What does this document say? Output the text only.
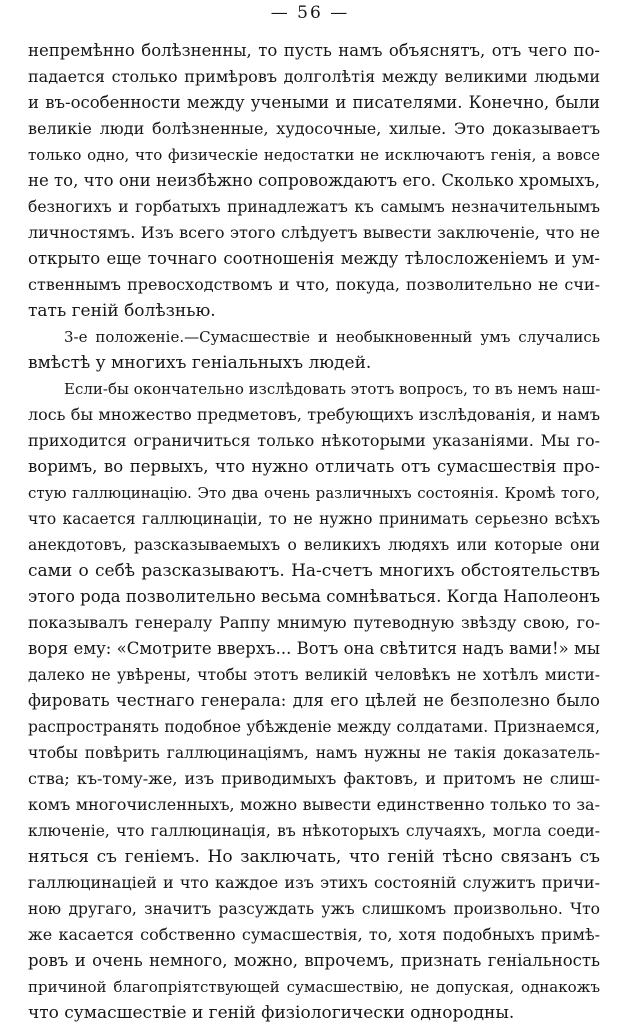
— 56 —
непремѣнно болѣзненны, то пусть намъ объяснятъ, отъ чего по-
падается столько примѣровъ долголѣтія между великими людьми
и въ-особенности между учеными и писателями. Конечно, были
великіе люди болѣзненные, худосочные, хилые. Это доказываетъ
только одно, что физическіе недостатки не исключаютъ генія, а вовсе
не то, что они неизбѣжно сопровождаютъ его. Сколько хромыхъ,
безногихъ и горбатыхъ принадлежатъ къ самымъ незначительнымъ
личностямъ. Изъ всего этого слѣдуетъ вывести заключеніе, что не
открыто еще точнаго соотношенія между тѣлосложеніемъ и ум-
ственнымъ превосходствомъ и что, покуда, позволительно не счи-
тать геній болѣзнью.
3-е положеніе.—Сумасшествіе и необыкновенный умъ случались
вмѣстѣ у многихъ геніальныхъ людей.
Если-бы окончательно изслѣдовать этотъ вопросъ, то въ немъ наш-
лось бы множество предметовъ, требующихъ изслѣдованія, и намъ
приходится ограничиться только нѣкоторыми указаніями. Мы го-
воримъ, во первыхъ, что нужно отличать отъ сумасшествія про-
стую галлюцинацію. Это два очень различныхъ состоянія. Кромѣ того,
что касается галлюцинаціи, то не нужно принимать серьезно всѣхъ
анекдотовъ, разсказываемыхъ о великихъ людяхъ или которые они
сами о себѣ разсказываютъ. На-счетъ многихъ обстоятельствъ
этого рода позволительно весьма сомнѣваться. Когда Наполеонъ
показывалъ генералу Раппу мнимую путеводную звѣзду свою, го-
воря ему: «Смотрите вверхъ... Вотъ она свѣтится надъ вами!» мы
далеко не увѣрены, чтобы этотъ великій человѣкъ не хотѣлъ мисти-
фировать честнаго генерала: для его цѣлей не безполезно было
распространять подобное убѣжденіе между солдатами. Признаемся,
чтобы повѣрить галлюцинаціямъ, намъ нужны не такія доказатель-
ства; къ-тому-же, изъ приводимыхъ фактовъ, и притомъ не слиш-
комъ многочисленныхъ, можно вывести единственно только то за-
ключеніе, что галлюцинація, въ нѣкоторыхъ случаяхъ, могла соеди-
няться съ геніемъ. Но заключать, что геній тѣсно связанъ съ
галлюцинаціей и что каждое изъ этихъ состояній служитъ причи-
ною другаго, значитъ разсуждать ужъ слишкомъ произвольно. Что
же касается собственно сумасшествія, то, хотя подобныхъ примѣ-
ровъ и очень немного, можно, впрочемъ, признать геніальность
причиной благопріятствующей сумасшествію, не допуская, однакожъ
что сумасшествіе и геній физіологически однородны.
